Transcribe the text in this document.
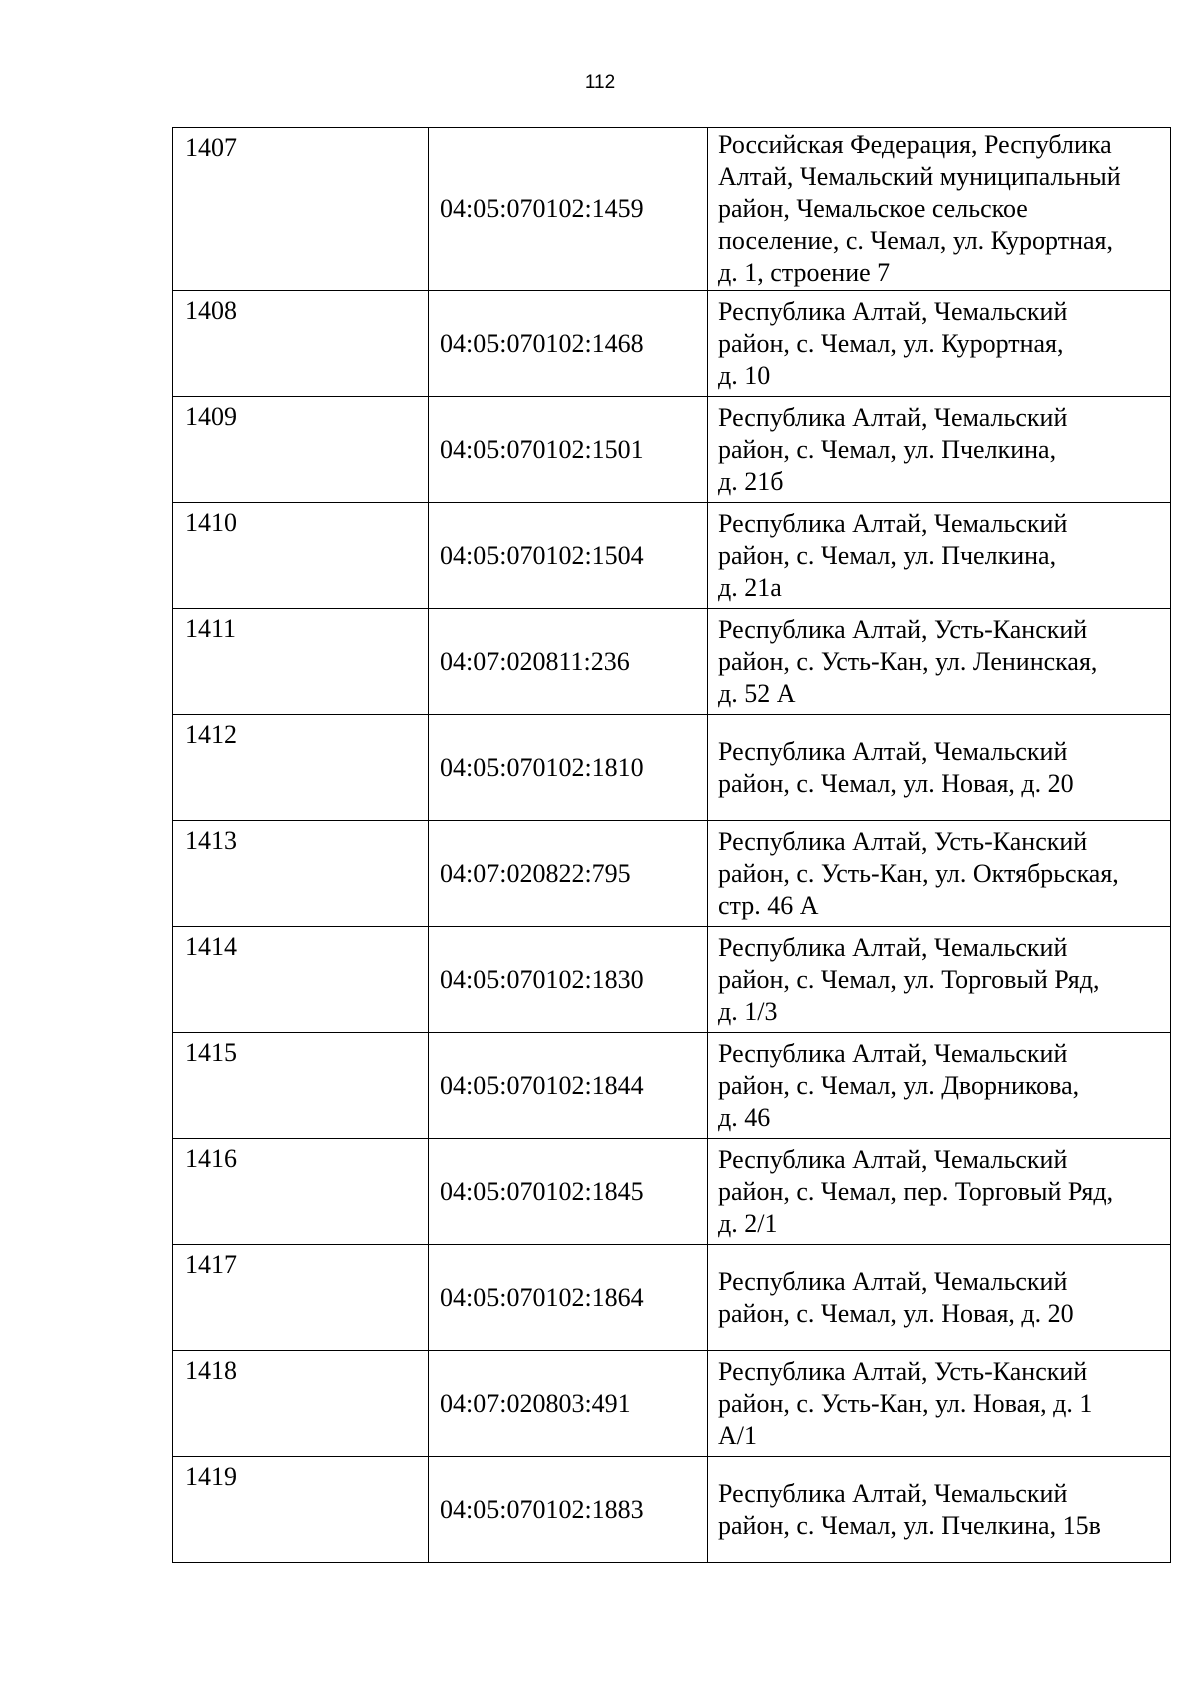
112
1407	04:05:070102:1459	Российская Федерация, Республика
Алтай, Чемальский муниципальный
район, Чемальское сельское
поселение, с. Чемал, ул. Курортная,
д. 1, строение 7

1408	04:05:070102:1468	Республика Алтай, Чемальский
район, с. Чемал, ул. Курортная,
д. 10

1409	04:05:070102:1501	Республика Алтай, Чемальский
район, с. Чемал, ул. Пчелкина,
д. 21б

1410	04:05:070102:1504	Республика Алтай, Чемальский
район, с. Чемал, ул. Пчелкина,
д. 21а

1411	04:07:020811:236	Республика Алтай, Усть-Канский
район, с. Усть-Кан, ул. Ленинская,
д. 52 А

1412	04:05:070102:1810	Республика Алтай, Чемальский
район, с. Чемал, ул. Новая, д. 20

1413	04:07:020822:795	Республика Алтай, Усть-Канский
район, с. Усть-Кан, ул. Октябрьская,
стр. 46 А

1414	04:05:070102:1830	Республика Алтай, Чемальский
район, с. Чемал, ул. Торговый Ряд,
д. 1/3

1415	04:05:070102:1844	Республика Алтай, Чемальский
район, с. Чемал, ул. Дворникова,
д. 46

1416	04:05:070102:1845	Республика Алтай, Чемальский
район, с. Чемал, пер. Торговый Ряд,
д. 2/1

1417	04:05:070102:1864	Республика Алтай, Чемальский
район, с. Чемал, ул. Новая, д. 20

1418	04:07:020803:491	Республика Алтай, Усть-Канский
район, с. Усть-Кан, ул. Новая, д. 1
А/1

1419	04:05:070102:1883	Республика Алтай, Чемальский
район, с. Чемал, ул. Пчелкина, 15в
